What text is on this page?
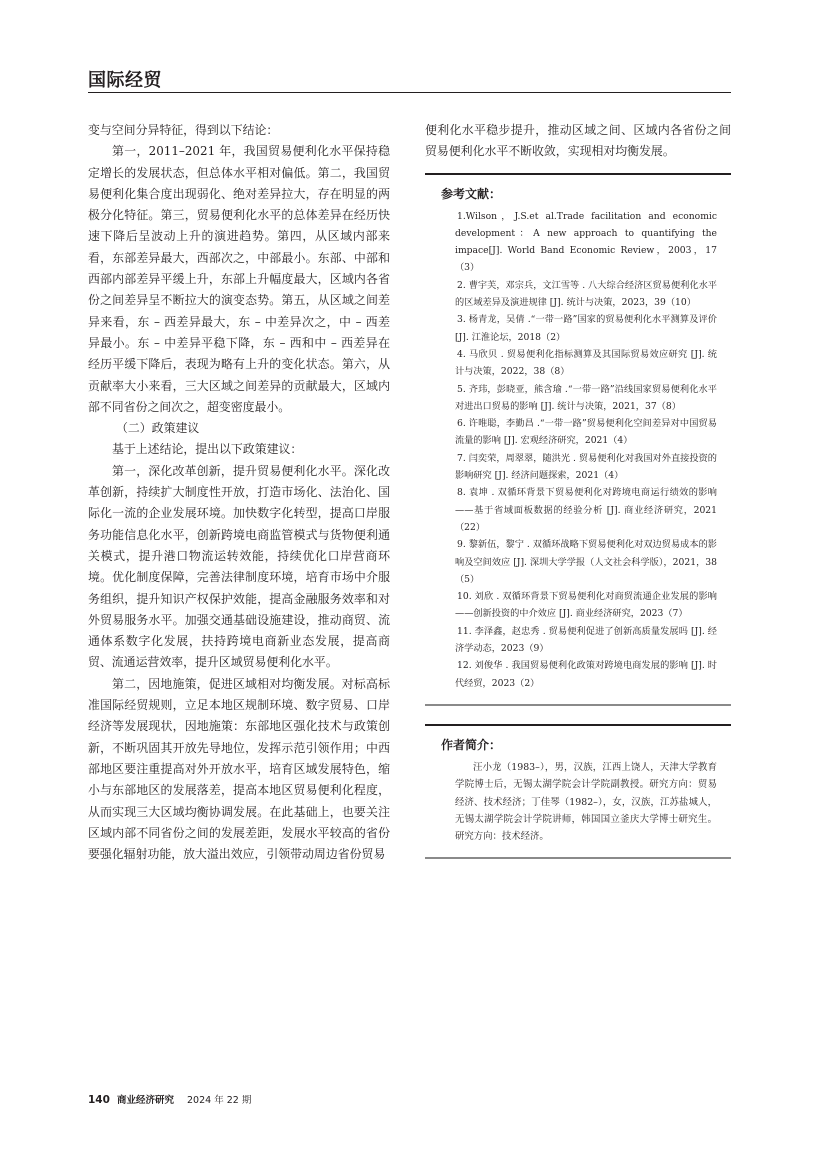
国际经贸

变与空间分异特征，得到以下结论：

第一，2011–2021 年，我国贸易便利化水平保持稳定增长的发展状态，但总体水平相对偏低。第二，我国贸易便利化集合度出现弱化、绝对差异拉大，存在明显的两极分化特征。第三，贸易便利化水平的总体差异在经历快速下降后呈波动上升的演进趋势。第四，从区域内部来看，东部差异最大，西部次之，中部最小。东部、中部和西部内部差异平缓上升，东部上升幅度最大，区域内各省份之间差异呈不断拉大的演变态势。第五，从区域之间差异来看，东 – 西差异最大，东 – 中差异次之，中 – 西差异最小。东 – 中差异平稳下降，东 – 西和中 – 西差异在经历平缓下降后，表现为略有上升的变化状态。第六，从贡献率大小来看，三大区域之间差异的贡献最大，区域内部不同省份之间次之，超变密度最小。

（二）政策建议

基于上述结论，提出以下政策建议：

第一，深化改革创新，提升贸易便利化水平。深化改革创新，持续扩大制度性开放，打造市场化、法治化、国际化一流的企业发展环境。加快数字化转型，提高口岸服务功能信息化水平，创新跨境电商监管模式与货物便利通关模式，提升港口物流运转效能，持续优化口岸营商环境。优化制度保障，完善法律制度环境，培育市场中介服务组织，提升知识产权保护效能，提高金融服务效率和对外贸易服务水平。加强交通基础设施建设，推动商贸、流通体系数字化发展，扶持跨境电商新业态发展，提高商贸、流通运营效率，提升区域贸易便利化水平。

第二，因地施策，促进区域相对均衡发展。对标高标准国际经贸规则，立足本地区规制环境、数字贸易、口岸经济等发展现状，因地施策：东部地区强化技术与政策创新，不断巩固其开放先导地位，发挥示范引领作用；中西部地区要注重提高对外开放水平，培育区域发展特色，缩小与东部地区的发展落差，提高本地区贸易便利化程度，从而实现三大区域均衡协调发展。在此基础上，也要关注区域内部不同省份之间的发展差距，发展水平较高的省份要强化辐射功能，放大溢出效应，引领带动周边省份贸易

便利化水平稳步提升，推动区域之间、区域内各省份之间贸易便利化水平不断收敛，实现相对均衡发展。

参考文献：

1.Wilson，J.S.et al.Trade facilitation and economic development：A new approach to quantifying the impace[J]. World Band Economic Review，2003，17（3）

2. 曹宇芙，邓宗兵，文江雪等 . 八大综合经济区贸易便利化水平的区域差异及演进规律 [J]. 统计与决策，2023，39（10）

3. 杨青龙，吴倩 .“一带一路”国家的贸易便利化水平测算及评价 [J]. 江淮论坛，2018（2）

4. 马欣贝 . 贸易便利化指标测算及其国际贸易效应研究 [J]. 统计与决策，2022，38（8）

5. 齐玮，彭晓亚，熊含瑜 .“一带一路”沿线国家贸易便利化水平对进出口贸易的影响 [J]. 统计与决策，2021，37（8）

6. 许唯聪，李勤昌 .“一带一路”贸易便利化空间差异对中国贸易流量的影响 [J]. 宏观经济研究，2021（4）

7. 闫奕荣，周翠翠，随洪光 . 贸易便利化对我国对外直接投资的影响研究 [J]. 经济问题探索，2021（4）

8. 袁坤 . 双循环背景下贸易便利化对跨境电商运行绩效的影响——基于省域面板数据的经验分析 [J]. 商业经济研究，2021（22）

9. 黎新伍，黎宁 . 双循环战略下贸易便利化对双边贸易成本的影响及空间效应 [J]. 深圳大学学报（人文社会科学版），2021，38（5）

10. 刘欣 . 双循环背景下贸易便利化对商贸流通企业发展的影响——创新投资的中介效应 [J]. 商业经济研究，2023（7）

11. 李泽鑫，赵忠秀 . 贸易便利促进了创新高质量发展吗 [J]. 经济学动态，2023（9）

12. 刘俊华 . 我国贸易便利化政策对跨境电商发展的影响 [J]. 时代经贸，2023（2）

作者简介：

汪小龙（1983–），男，汉族，江西上饶人，天津大学教育学院博士后，无锡太湖学院会计学院副教授。研究方向：贸易经济、技术经济；丁佳琴（1982–），女，汉族，江苏盐城人，无锡太湖学院会计学院讲师，韩国国立釜庆大学博士研究生。研究方向：技术经济。

140 商业经济研究 2024 年 22 期
